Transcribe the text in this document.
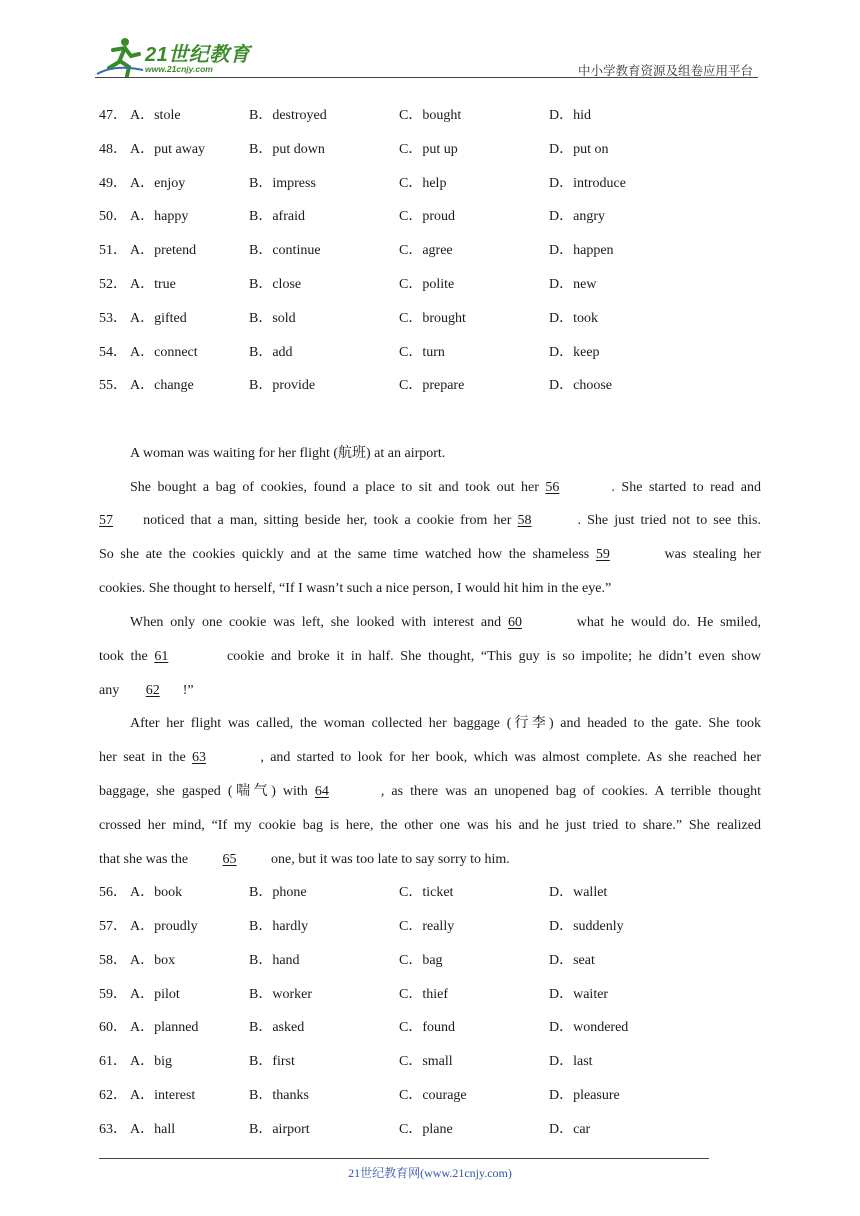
21世纪教育
www.21cnjy.com	中小学教育资源及组卷应用平台
47． A．stole	B．destroyed	C．bought	D．hid
48． A．put away	B．put down	C．put up	D．put on
49． A．enjoy	B．impress	C．help	D．introduce
50． A．happy	B．afraid	C．proud	D．angry
51． A．pretend	B．continue	C．agree	D．happen
52． A．true	B．close	C．polite	D．new
53． A．gifted	B．sold	C．brought	D．took
54． A．connect	B．add	C．turn	D．keep
55． A．change	B．provide	C．prepare	D．choose
A woman was waiting for her flight (航班) at an airport.
She bought a bag of cookies, found a place to sit and took out her 56	. She started to read and
57 noticed that a man, sitting beside her, took a cookie from her 58	. She just tried not to see this.
So she ate the cookies quickly and at the same time watched how the shameless 59	was stealing her
cookies. She thought to herself, “If I wasn’t such a nice person, I would hit him in the eye.”
When only one cookie was left, she looked with interest and 60	what he would do. He smiled,
took the 61	cookie and broke it in half. She thought, “This guy is so impolite; he didn’t even show
any 62 !”
After her flight was called, the woman collected her baggage (行李) and headed to the gate. She took
her seat in the 63	, and started to look for her book, which was almost complete. As she reached her
baggage, she gasped (喘气) with 64	, as there was an unopened bag of cookies. A terrible thought
crossed her mind, “If my cookie bag is here, the other one was his and he just tried to share.” She realized
that she was the 65 one, but it was too late to say sorry to him.
56． A．book	B．phone	C．ticket	D．wallet
57． A．proudly	B．hardly	C．really	D．suddenly
58． A．box	B．hand	C．bag	D．seat
59． A．pilot	B．worker	C．thief	D．waiter
60． A．planned	B．asked	C．found	D．wondered
61． A．big	B．first	C．small	D．last
62． A．interest	B．thanks	C．courage	D．pleasure
63． A．hall	B．airport	C．plane	D．car
21世纪教育网(www.21cnjy.com)
